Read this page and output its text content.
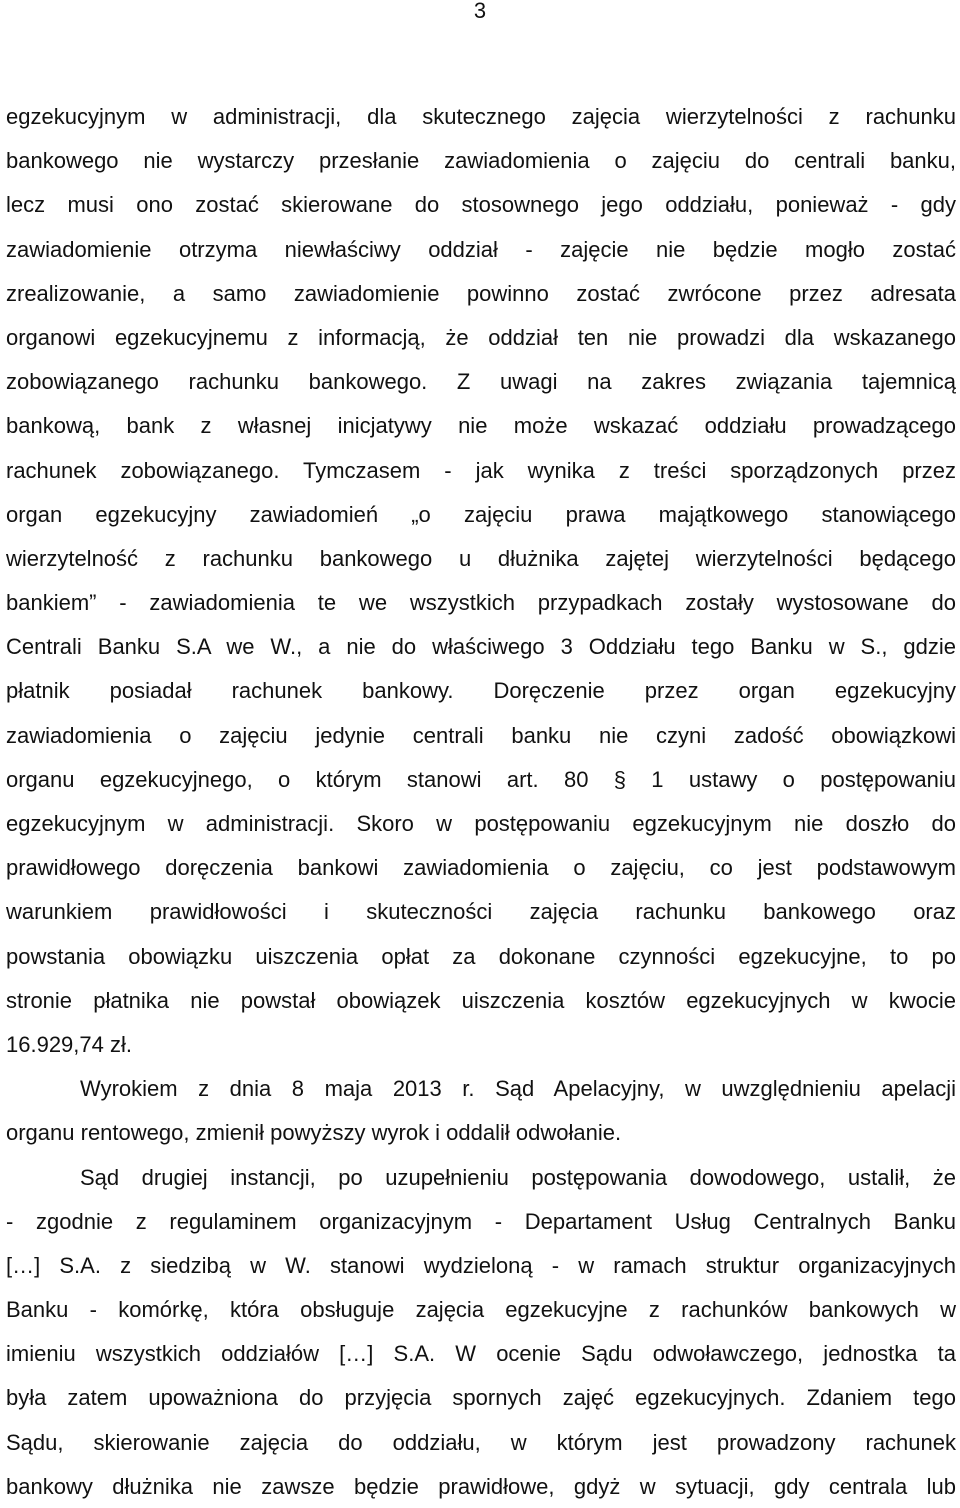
3
egzekucyjnym w administracji, dla skutecznego zajęcia wierzytelności z rachunku
bankowego nie wystarczy przesłanie zawiadomienia o zajęciu do centrali banku,
lecz musi ono zostać skierowane do stosownego jego oddziału, ponieważ - gdy
zawiadomienie otrzyma niewłaściwy oddział - zajęcie nie będzie mogło zostać
zrealizowanie, a samo zawiadomienie powinno zostać zwrócone przez adresata
organowi egzekucyjnemu z informacją, że oddział ten nie prowadzi dla wskazanego
zobowiązanego rachunku bankowego. Z uwagi na zakres związania tajemnicą
bankową, bank z własnej inicjatywy nie może wskazać oddziału prowadzącego
rachunek zobowiązanego. Tymczasem - jak wynika z treści sporządzonych przez
organ egzekucyjny zawiadomień „o zajęciu prawa majątkowego stanowiącego
wierzytelność z rachunku bankowego u dłużnika zajętej wierzytelności będącego
bankiem” - zawiadomienia te we wszystkich przypadkach zostały wystosowane do
Centrali Banku S.A we W., a nie do właściwego 3 Oddziału tego Banku w S., gdzie
płatnik posiadał rachunek bankowy. Doręczenie przez organ egzekucyjny
zawiadomienia o zajęciu jedynie centrali banku nie czyni zadość obowiązkowi
organu egzekucyjnego, o którym stanowi art. 80 § 1 ustawy o postępowaniu
egzekucyjnym w administracji. Skoro w postępowaniu egzekucyjnym nie doszło do
prawidłowego doręczenia bankowi zawiadomienia o zajęciu, co jest podstawowym
warunkiem prawidłowości i skuteczności zajęcia rachunku bankowego oraz
powstania obowiązku uiszczenia opłat za dokonane czynności egzekucyjne, to po
stronie płatnika nie powstał obowiązek uiszczenia kosztów egzekucyjnych w kwocie
16.929,74 zł.
Wyrokiem z dnia 8 maja 2013 r. Sąd Apelacyjny, w uwzględnieniu apelacji
organu rentowego, zmienił powyższy wyrok i oddalił odwołanie.
Sąd drugiej instancji, po uzupełnieniu postępowania dowodowego, ustalił, że
- zgodnie z regulaminem organizacyjnym - Departament Usług Centralnych Banku
[…] S.A. z siedzibą w W. stanowi wydzieloną - w ramach struktur organizacyjnych
Banku - komórkę, która obsługuje zajęcia egzekucyjne z rachunków bankowych w
imieniu wszystkich oddziałów […] S.A. W ocenie Sądu odwoławczego, jednostka ta
była zatem upoważniona do przyjęcia spornych zajęć egzekucyjnych. Zdaniem tego
Sądu, skierowanie zajęcia do oddziału, w którym jest prowadzony rachunek
bankowy dłużnika nie zawsze będzie prawidłowe, gdyż w sytuacji, gdy centrala lub
